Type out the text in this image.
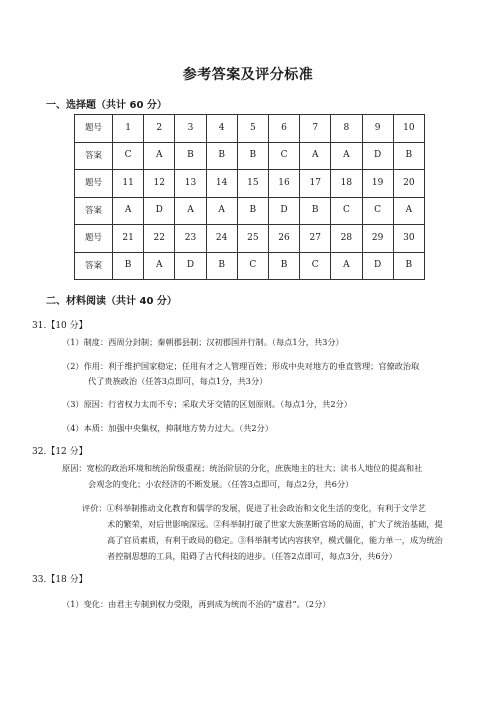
参考答案及评分标准
一、选择题（共计 60 分）
题号	1	2	3	4	5	6	7	8	9	10
答案	C	A	B	B	B	C	A	A	D	B
题号	11	12	13	14	15	16	17	18	19	20
答案	A	D	A	A	B	D	B	C	C	A
题号	21	22	23	24	25	26	27	28	29	30
答案	B	A	D	B	C	B	C	A	D	B
二、材料阅读（共计 40 分）
31.【10 分】
（1）制度：西周分封制；秦朝郡县制；汉初郡国并行制。（每点1分，共3分）
（2）作用：利于维护国家稳定；任用有才之人管理百姓；形成中央对地方的垂直管理；官僚政治取
代了贵族政治（任答3点即可，每点1分，共3分）
（3）原因：行省权力太而不专；采取犬牙交错的区划原则。（每点1分，共2分）
（4）本质：加强中央集权，抑制地方势力过大。（共2分）
32.【12 分】
原因：宽松的政治环境和统治阶级重视；统治阶层的分化，庶族地主的壮大；读书人地位的提高和社
会观念的变化；小农经济的不断发展。（任答3点即可，每点2分，共6分）
评价：①科举制推动文化教育和儒学的发展，促进了社会政治和文化生活的变化，有利于文学艺
术的繁荣，对后世影响深远。②科举制打破了世家大族垄断官场的局面，扩大了统治基础，提
高了官员素质，有利于政局的稳定。③科举制考试内容狭窄，模式僵化，能力单一，成为统治
者控制思想的工具，阻碍了古代科技的进步。（任答2点即可，每点3分，共6分）
33.【18 分】
（1）变化：由君主专制到权力受限，再到成为统而不治的“虚君”。（2分）
